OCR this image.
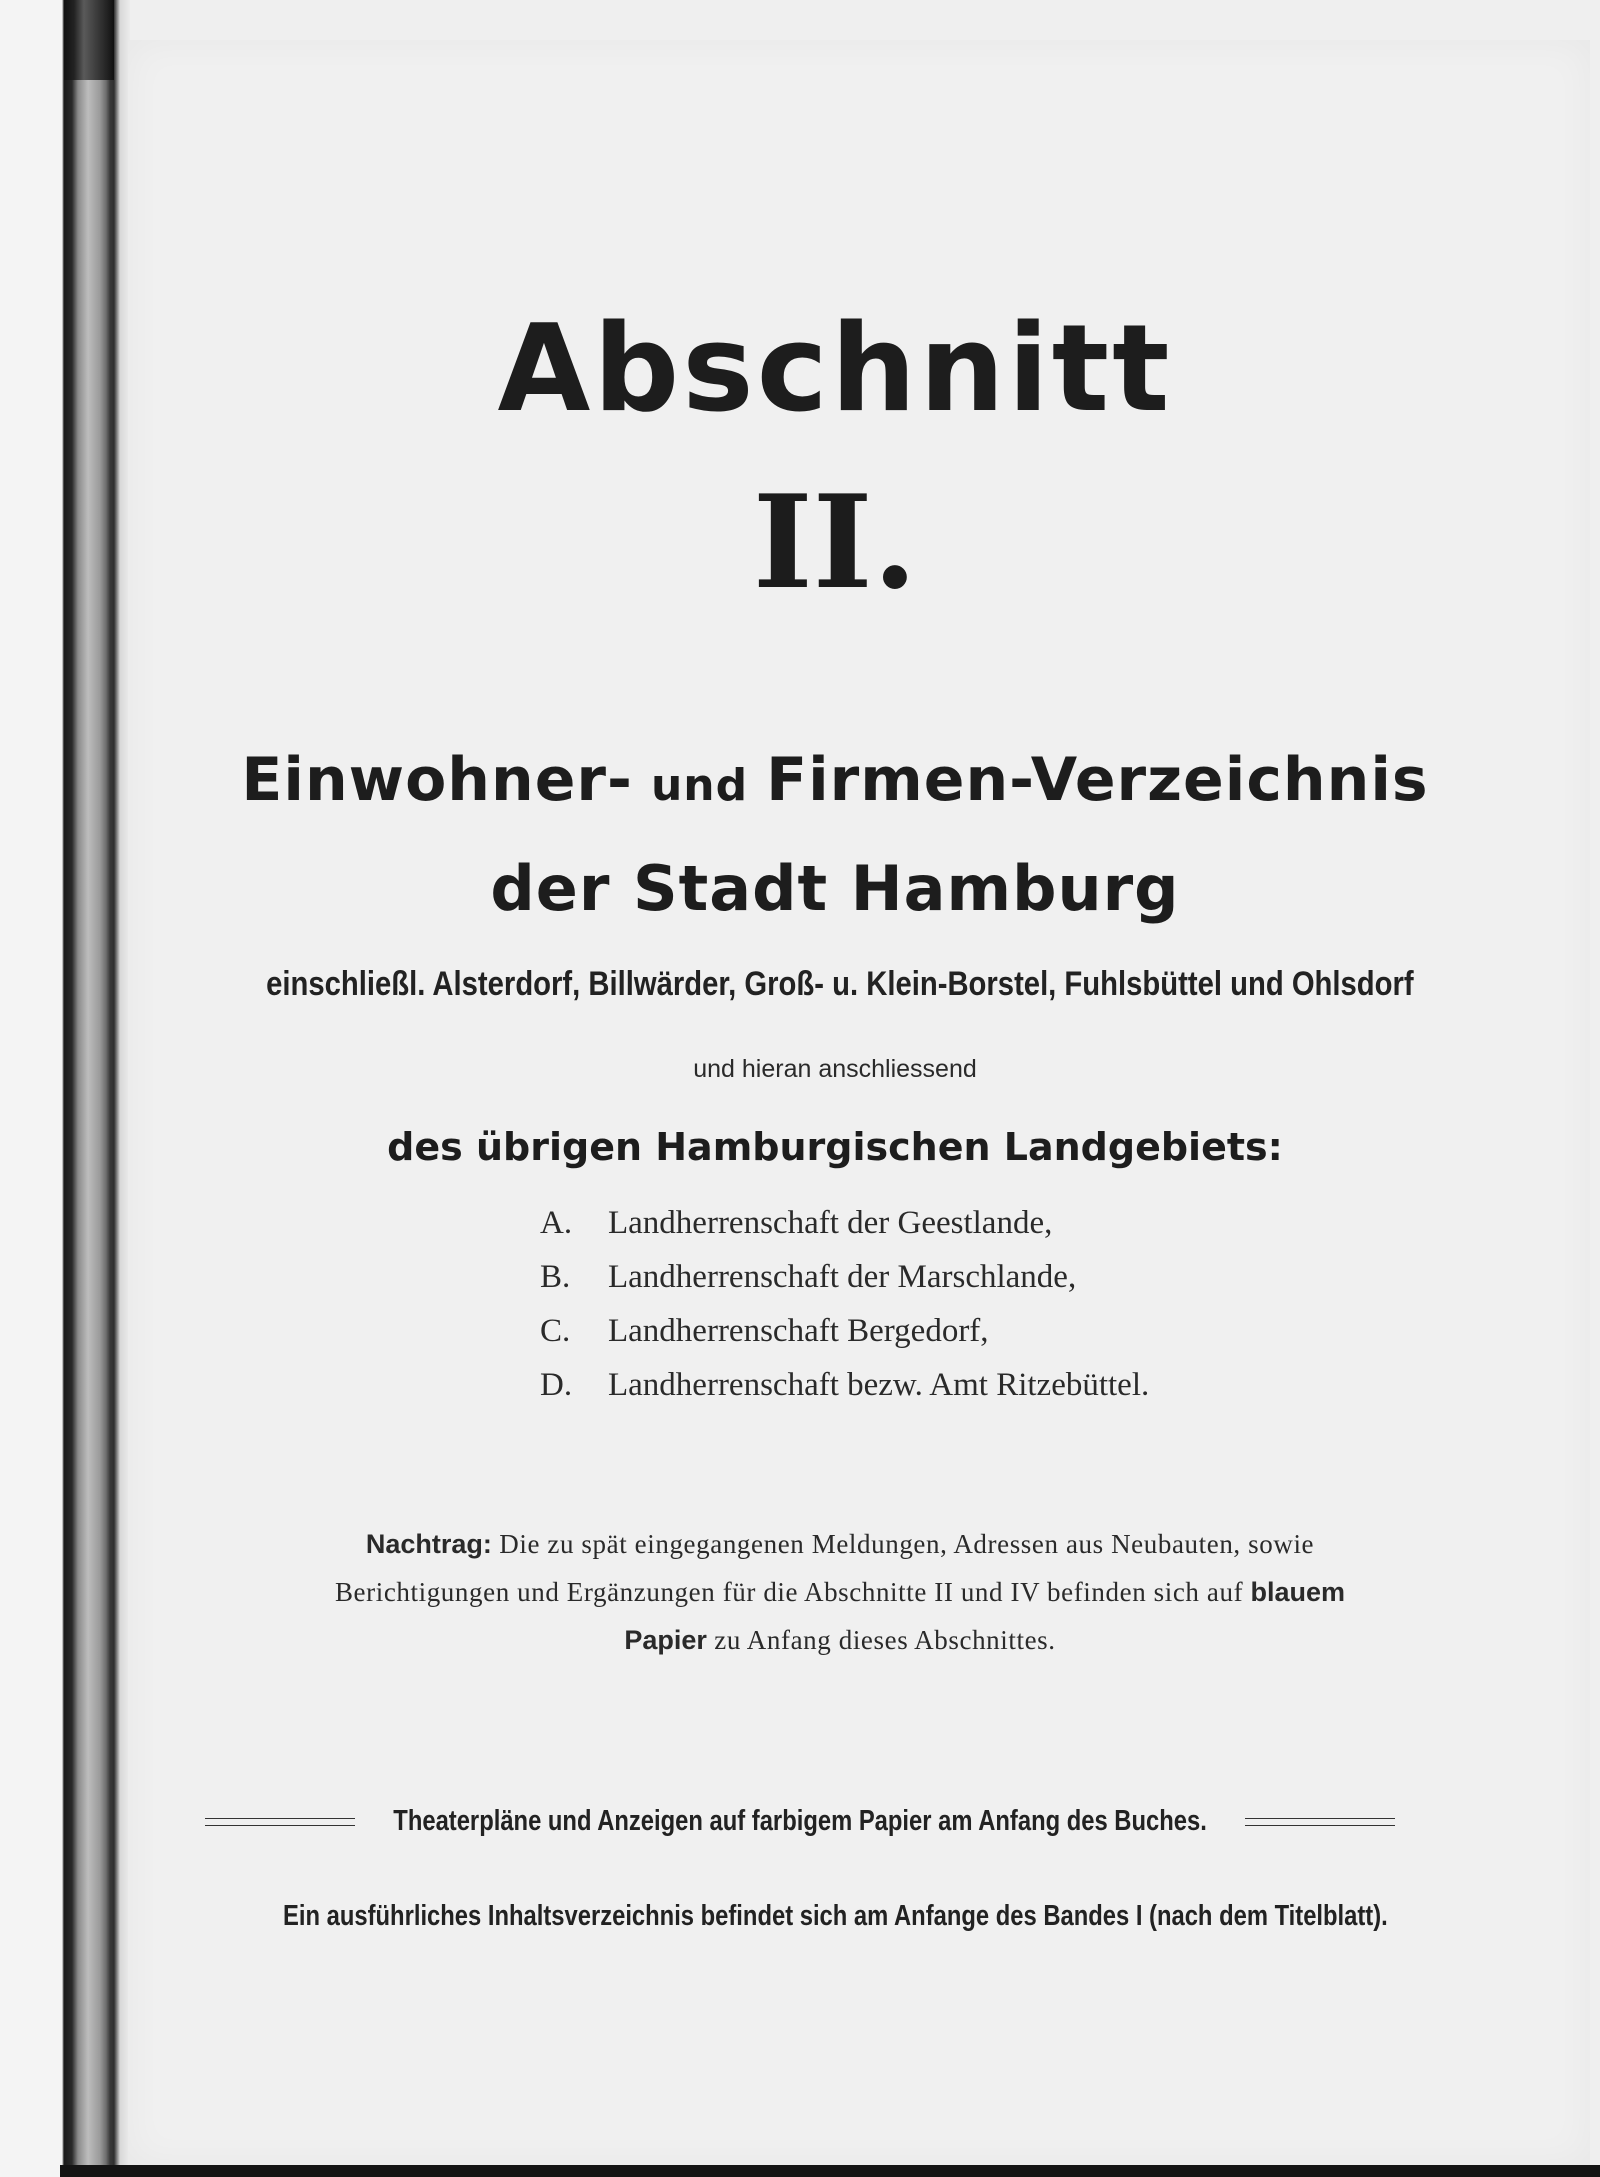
Abschnitt
II.
Einwohner- und Firmen-Verzeichnis
der Stadt Hamburg
einschließl. Alsterdorf, Billwärder, Groß- u. Klein-Borstel, Fuhlsbüttel und Ohlsdorf
und hieran anschliessend
des übrigen Hamburgischen Landgebiets:
A. Landherrenschaft der Geestlande,
B. Landherrenschaft der Marschlande,
C. Landherrenschaft Bergedorf,
D. Landherrenschaft bezw. Amt Ritzebüttel.
Nachtrag: Die zu spät eingegangenen Meldungen, Adressen aus Neubauten, sowie Berichtigungen und Ergänzungen für die Abschnitte II und IV befinden sich auf blauem Papier zu Anfang dieses Abschnittes.
Theaterpläne und Anzeigen auf farbigem Papier am Anfang des Buches.
Ein ausführliches Inhaltsverzeichnis befindet sich am Anfange des Bandes I (nach dem Titelblatt).
